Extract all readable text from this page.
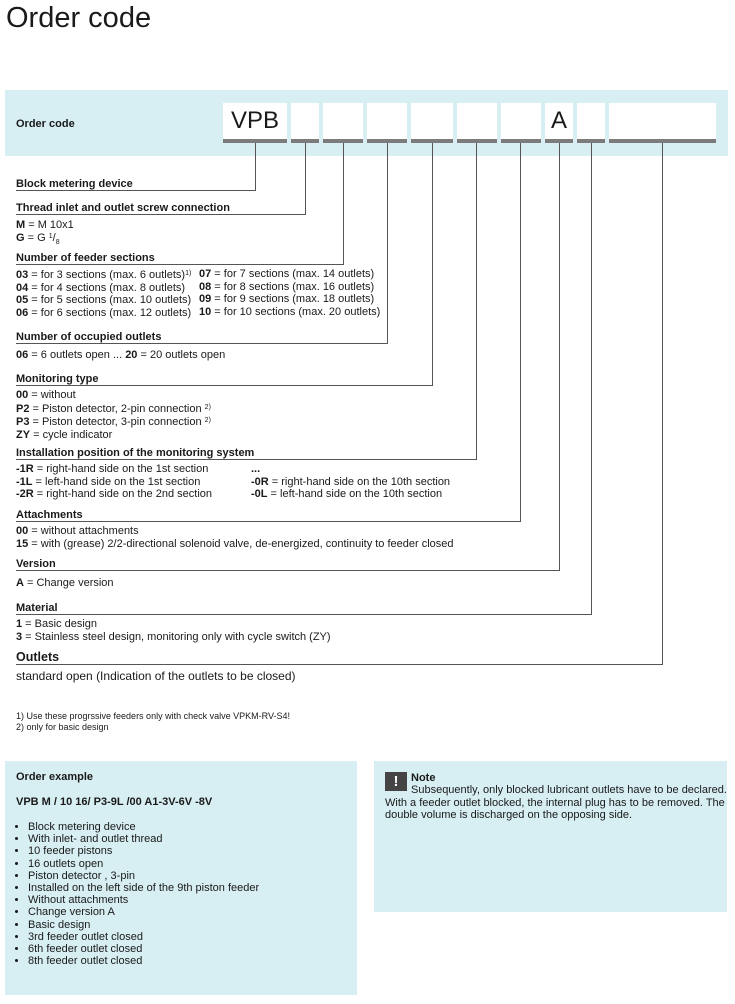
Order code
Order code	VPB	A
Block metering device
Thread inlet and outlet screw connection
M = M 10x1
G = G $^1/_8$
Number of feeder sections
03 = for 3 sections (max. 6 outlets)$^{1)}$
04 = for 4 sections (max. 8 outlets)
05 = for 5 sections (max. 10 outlets)
06 = for 6 sections (max. 12 outlets)
07 = for 7 sections (max. 14 outlets)
08 = for 8 sections (max. 16 outlets)
09 = for 9 sections (max. 18 outlets)
10 = for 10 sections (max. 20 outlets)
Number of occupied outlets
06 = 6 outlets open ... 20 = 20 outlets open
Monitoring type
00 = without
P2 = Piston detector, 2-pin connection $^{2)}$
P3 = Piston detector, 3-pin connection $^{2)}$
ZY = cycle indicator
Installation position of the monitoring system
-1R = right-hand side on the 1st section
-1L = left-hand side on the 1st section
-2R = right-hand side on the 2nd section
...
-0R = right-hand side on the 10th section
-0L = left-hand side on the 10th section
Attachments
00 = without attachments
15 = with (grease) 2/2-directional solenoid valve, de-energized, continuity to feeder closed
Version
A = Change version
Material
1 = Basic design
3 = Stainless steel design, monitoring only with cycle switch (ZY)
Outlets
standard open (Indication of the outlets to be closed)
1) Use these progrssive feeders only with check valve VPKM-RV-S4!
2) only for basic design
Order example
VPB M / 10 16/ P3-9L /00 A1-3V-6V -8V
• Block metering device
• With inlet- and outlet thread
• 10 feeder pistons
• 16 outlets open
• Piston detector , 3-pin
• Installed on the left side of the 9th piston feeder
• Without attachments
• Change version A
• Basic design
• 3rd feeder outlet closed
• 6th feeder outlet closed
• 8th feeder outlet closed
!	Note
Subsequently, only blocked lubricant outlets have to be declared.
With a feeder outlet blocked, the internal plug has to be removed. The
double volume is discharged on the opposing side.
